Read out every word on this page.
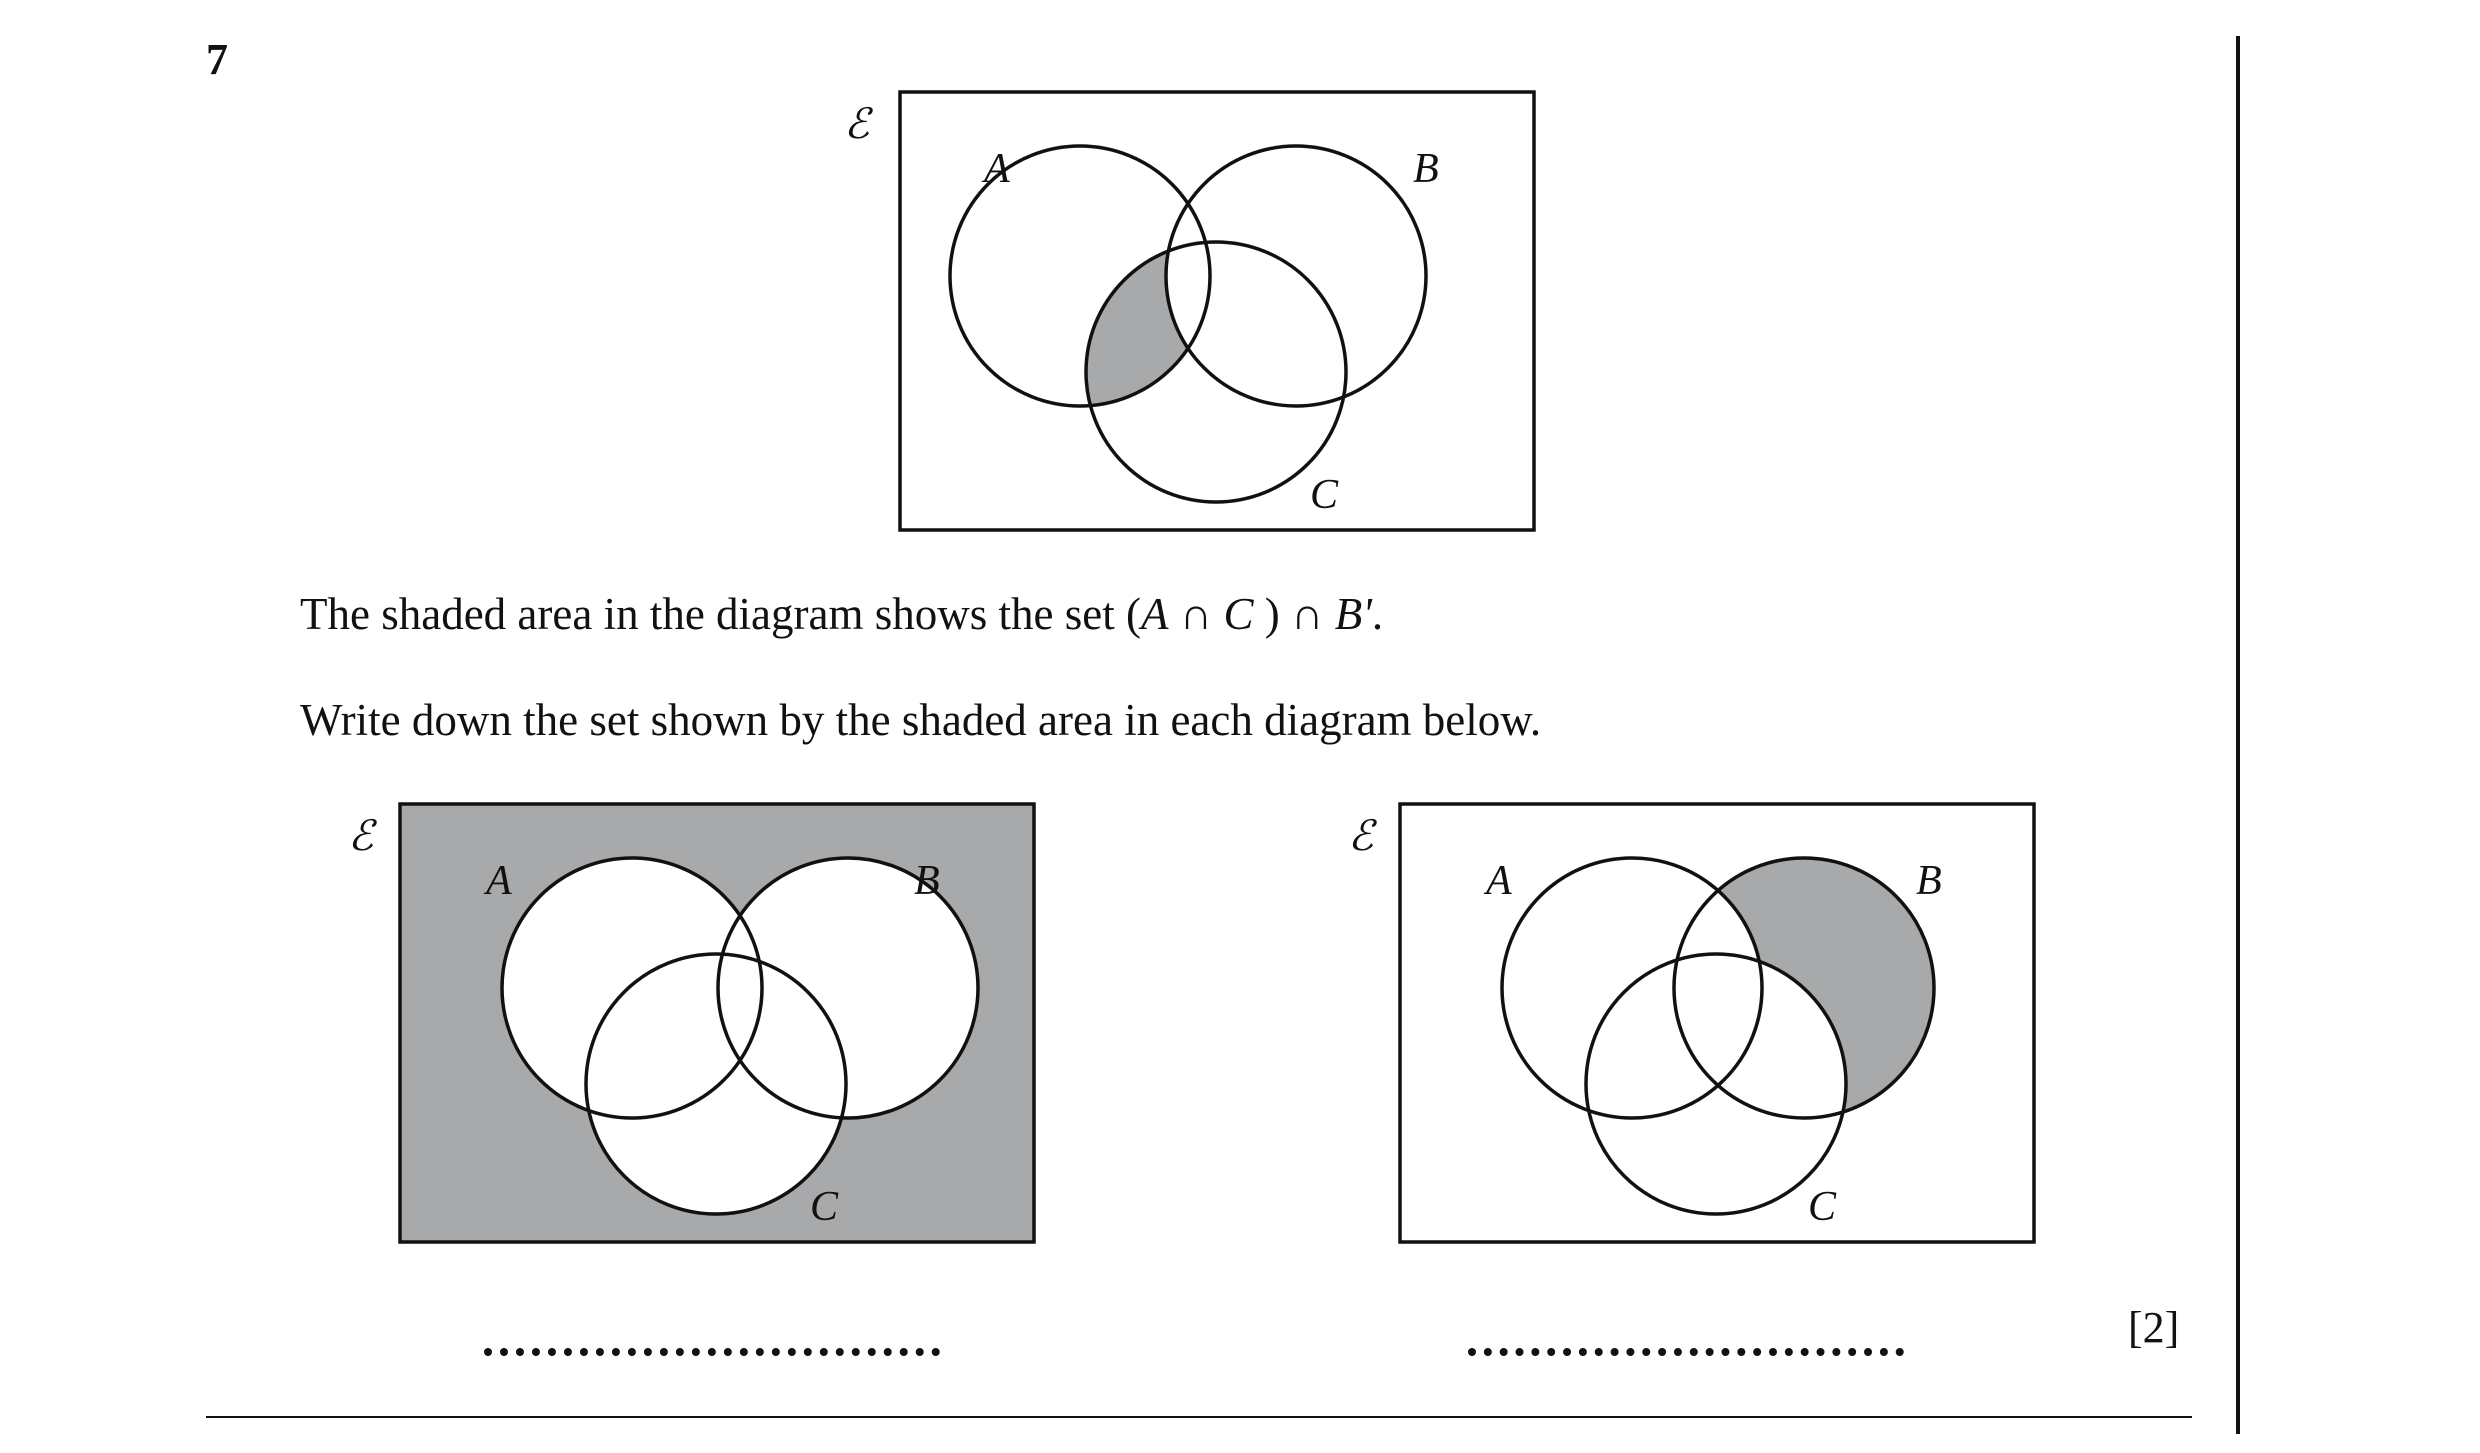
7
ℰ
A	B
C
The shaded area in the diagram shows the set (A ∩ C ) ∩ B'.
Write down the set shown by the shaded area in each diagram below.
ℰ
A	B
C
ℰ
A	B
C
[2]
